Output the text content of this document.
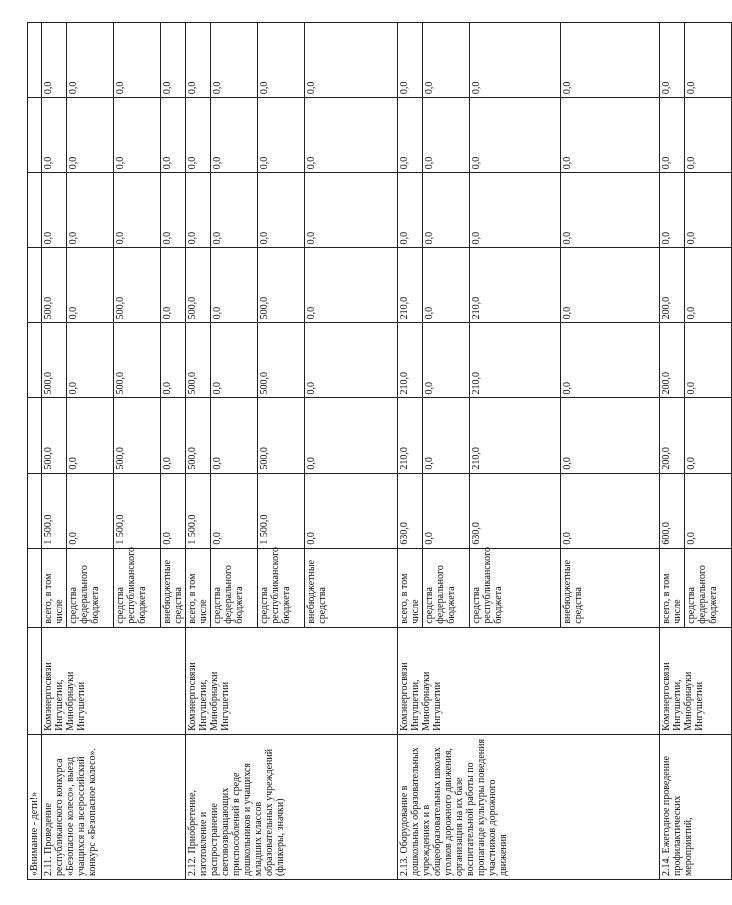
«Внимание - дети!»									
2.11. Проведение республиканского конкурса «Безопасное колесо», выезд учащихся на всероссийский конкурс «Безопасное колесо».	Комэнергосвязи Ингушетии, Минобрнауки Ингушетии	всего, в том числе	1 500,0	500,0	500,0	500,0	0,0	0,0	0,0
		средства федерального бюджета	0,0	0,0	0,0	0,0	0,0	0,0	0,0
		средства республиканского бюджета	1 500,0	500,0	500,0	500,0	0,0	0,0	0,0
		внебюджетные средства	0,0	0,0	0,0	0,0	0,0	0,0	0,0
2.12. Приобретение, изготовление и распространение световозвращающих приспособлений в среде дошкольников и учащихся младших классов образовательных учреждений (фликеры, значки)	Комэнергосвязи Ингушетии, Минобрнауки Ингушетии	всего, в том числе	1 500,0	500,0	500,0	500,0	0,0	0,0	0,0
		средства федерального бюджета	0,0	0,0	0,0	0,0	0,0	0,0	0,0
		средства республиканского бюджета	1 500,0	500,0	500,0	500,0	0,0	0,0	0,0
		внебюджетные средства	0,0	0,0	0,0	0,0	0,0	0,0	0,0
2.13. Оборудование в дошкольных образовательных учреждениях и в общеобразовательных школах уголков дорожного движения, организация на их базе воспитательной работы по пропаганде культуры поведения участников дорожного движения	Комэнергосвязи Ингушетии, Минобрнауки Ингушетии	всего, в том числе	630,0	210,0	210,0	210,0	0,0	0,0	0,0
		средства федерального бюджета	0,0	0,0	0,0	0,0	0,0	0,0	0,0
		средства республиканского бюджета	630,0	210,0	210,0	210,0	0,0	0,0	0,0
		внебюджетные средства	0,0	0,0	0,0	0,0	0,0	0,0	0,0
2.14. Ежегодное проведение профилактических мероприятий,	Комэнергосвязи Ингушетии, Минобрнауки Ингушетии	всего, в том числе	600,0	200,0	200,0	200,0	0,0	0,0	0,0
		средства федерального бюджета	0,0	0,0	0,0	0,0	0,0	0,0	0,0
